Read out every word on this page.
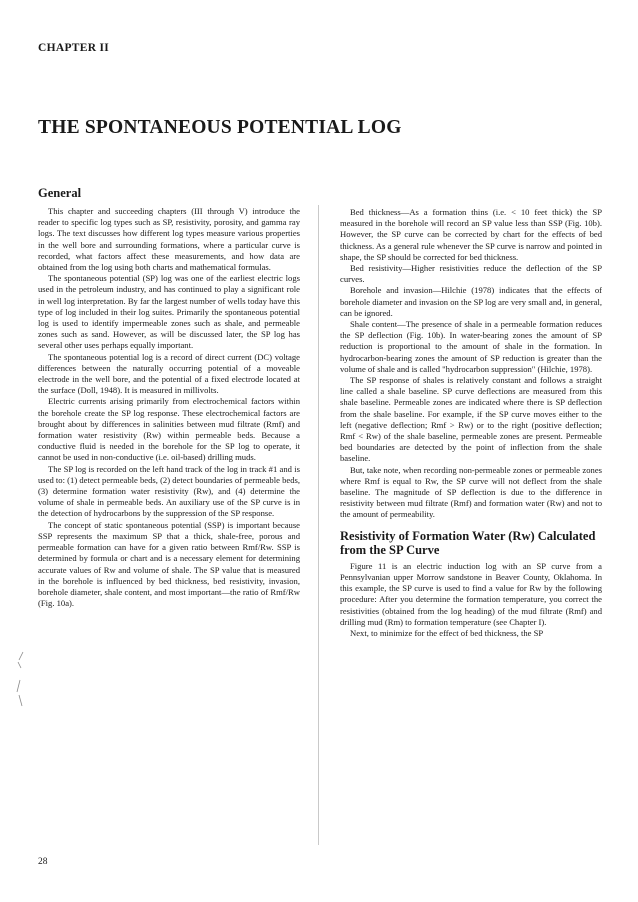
CHAPTER II
THE SPONTANEOUS POTENTIAL LOG
General

This chapter and succeeding chapters (III through V) introduce the reader to specific log types such as SP, resistivity, porosity, and gamma ray logs. The text discusses how different log types measure various properties in the well bore and surrounding formations, where a particular curve is recorded, what factors affect these measurements, and how data are obtained from the log using both charts and mathematical formulas.

The spontaneous potential (SP) log was one of the earliest electric logs used in the petroleum industry, and has continued to play a significant role in well log interpretation. By far the largest number of wells today have this type of log included in their log suites. Primarily the spontaneous potential log is used to identify impermeable zones such as shale, and permeable zones such as sand. However, as will be discussed later, the SP log has several other uses perhaps equally important.

The spontaneous potential log is a record of direct current (DC) voltage differences between the naturally occurring potential of a moveable electrode in the well bore, and the potential of a fixed electrode located at the surface (Doll, 1948). It is measured in millivolts.

Electric currents arising primarily from electrochemical factors within the borehole create the SP log response. These electrochemical factors are brought about by differences in salinities between mud filtrate (Rmf) and formation water resistivity (Rw) within permeable beds. Because a conductive fluid is needed in the borehole for the SP log to operate, it cannot be used in non-conductive (i.e. oil-based) drilling muds.

The SP log is recorded on the left hand track of the log in track #1 and is used to: (1) detect permeable beds, (2) detect boundaries of permeable beds, (3) determine formation water resistivity (Rw), and (4) determine the volume of shale in permeable beds. An auxiliary use of the SP curve is in the detection of hydrocarbons by the suppression of the SP response.

The concept of static spontaneous potential (SSP) is important because SSP represents the maximum SP that a thick, shale-free, porous and permeable formation can have for a given ratio between Rmf/Rw. SSP is determined by formula or chart and is a necessary element for determining accurate values of Rw and volume of shale. The SP value that is measured in the borehole is influenced by bed thickness, bed resistivity, invasion, borehole diameter, shale content, and most important—the ratio of Rmf/Rw (Fig. 10a).

Bed thickness—As a formation thins (i.e. < 10 feet thick) the SP measured in the borehole will record an SP value less than SSP (Fig. 10b). However, the SP curve can be corrected by chart for the effects of bed thickness. As a general rule whenever the SP curve is narrow and pointed in shape, the SP should be corrected for bed thickness.

Bed resistivity—Higher resistivities reduce the deflection of the SP curves.

Borehole and invasion—Hilchie (1978) indicates that the effects of borehole diameter and invasion on the SP log are very small and, in general, can be ignored.

Shale content—The presence of shale in a permeable formation reduces the SP deflection (Fig. 10b). In water-bearing zones the amount of SP reduction is proportional to the amount of shale in the formation. In hydrocarbon-bearing zones the amount of SP reduction is greater than the volume of shale and is called "hydrocarbon suppression" (Hilchie, 1978).

The SP response of shales is relatively constant and follows a straight line called a shale baseline. SP curve deflections are measured from this shale baseline. Permeable zones are indicated where there is SP deflection from the shale baseline. For example, if the SP curve moves either to the left (negative deflection; Rmf > Rw) or to the right (positive deflection; Rmf < Rw) of the shale baseline, permeable zones are present. Permeable bed boundaries are detected by the point of inflection from the shale baseline.

But, take note, when recording non-permeable zones or permeable zones where Rmf is equal to Rw, the SP curve will not deflect from the shale baseline. The magnitude of SP deflection is due to the difference in resistivity between mud filtrate (Rmf) and formation water (Rw) and not to the amount of permeability.

Resistivity of Formation Water (Rw) Calculated from the SP Curve

Figure 11 is an electric induction log with an SP curve from a Pennsylvanian upper Morrow sandstone in Beaver County, Oklahoma. In this example, the SP curve is used to find a value for Rw by the following procedure: After you determine the formation temperature, you correct the resistivities (obtained from the log heading) of the mud filtrate (Rmf) and drilling mud (Rm) to formation temperature (see Chapter I).

Next, to minimize for the effect of bed thickness, the SP

28
